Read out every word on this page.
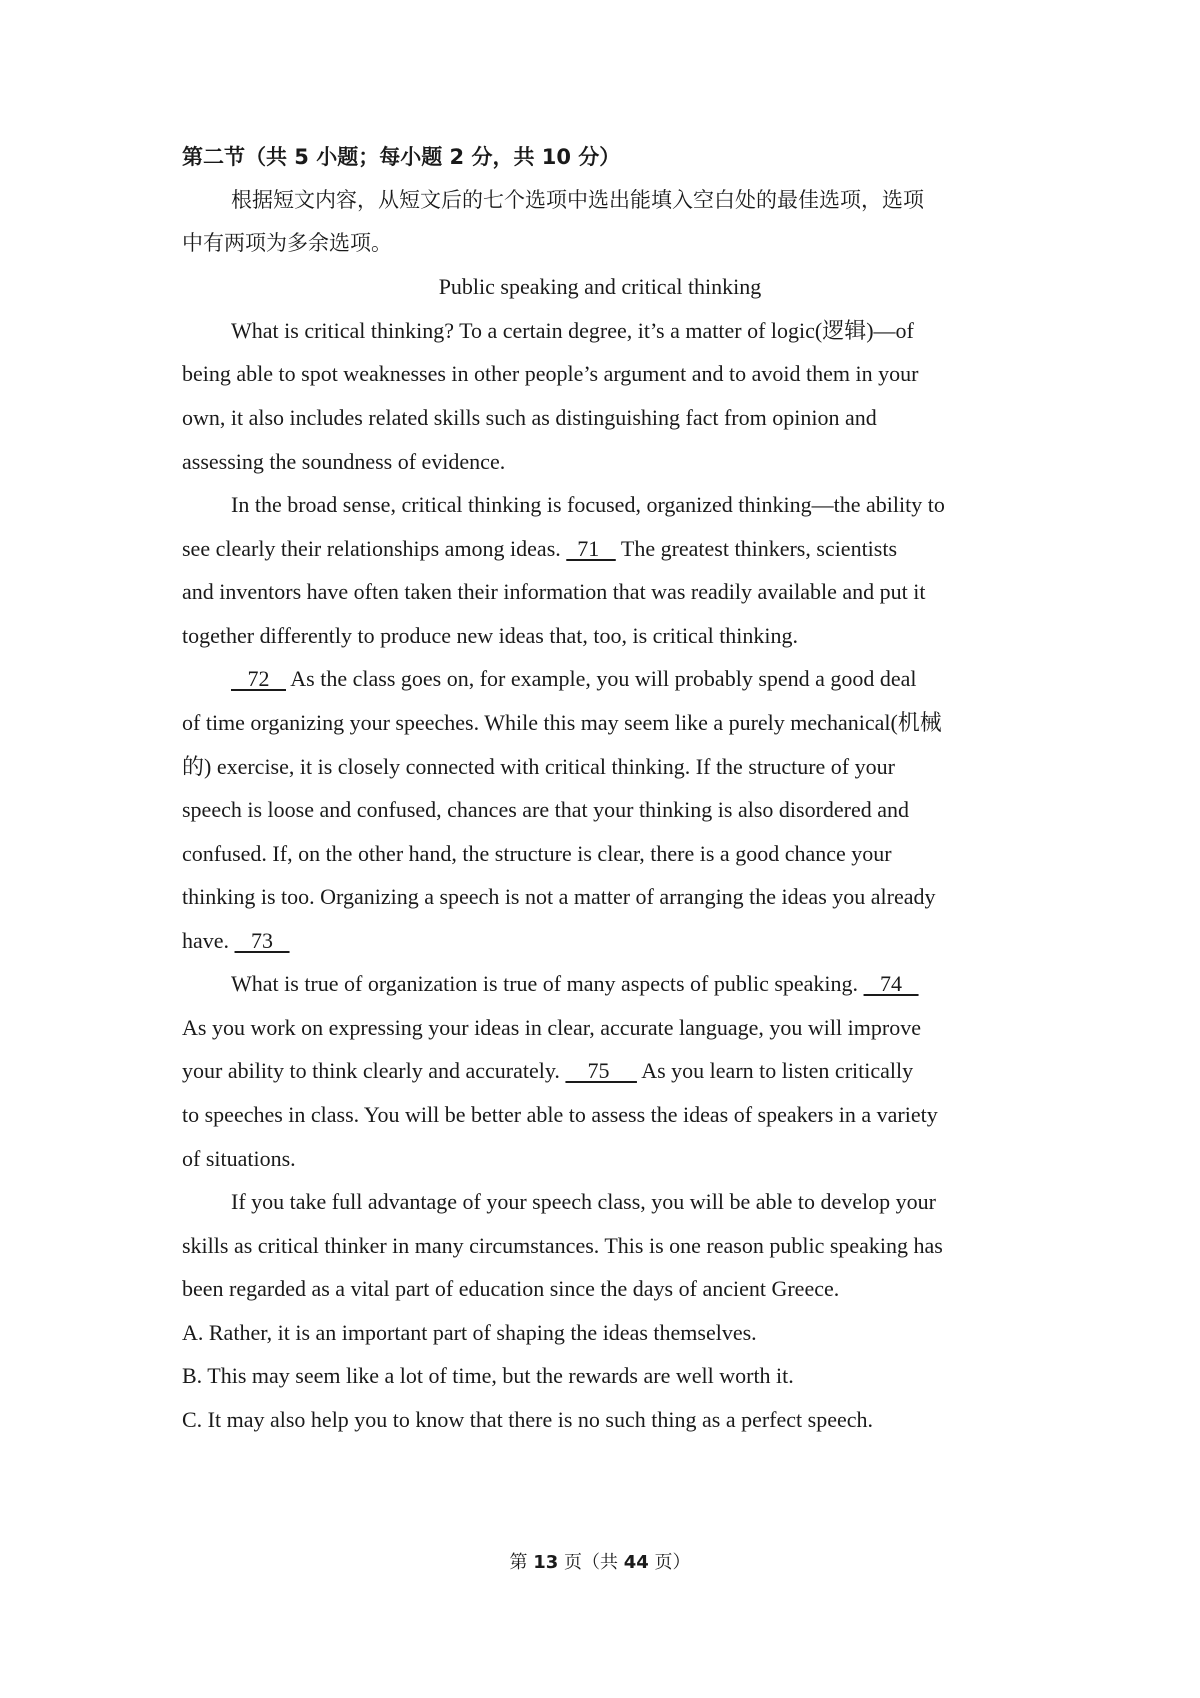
第二节（共 5 小题；每小题 2 分，共 10 分）
根据短文内容，从短文后的七个选项中选出能填入空白处的最佳选项，选项
中有两项为多余选项。
Public speaking and critical thinking
What is critical thinking? To a certain degree, it’s a matter of logic(逻辑)—of
being able to spot weaknesses in other people’s argument and to avoid them in your
own, it also includes related skills such as distinguishing fact from opinion and
assessing the soundness of evidence.
In the broad sense, critical thinking is focused, organized thinking—the ability to
see clearly their relationships among ideas.   71    The greatest thinkers, scientists
and inventors have often taken their information that was readily available and put it
together differently to produce new ideas that, too, is critical thinking.
72    As the class goes on, for example, you will probably spend a good deal
of time organizing your speeches. While this may seem like a purely mechanical(机械
的) exercise, it is closely connected with critical thinking. If the structure of your
speech is loose and confused, chances are that your thinking is also disordered and
confused. If, on the other hand, the structure is clear, there is a good chance your
thinking is too. Organizing a speech is not a matter of arranging the ideas you already
have.    73
What is true of organization is true of many aspects of public speaking.    74
As you work on expressing your ideas in clear, accurate language, you will improve
your ability to think clearly and accurately.     75      As you learn to listen critically
to speeches in class. You will be better able to assess the ideas of speakers in a variety
of situations.
If you take full advantage of your speech class, you will be able to develop your
skills as critical thinker in many circumstances. This is one reason public speaking has
been regarded as a vital part of education since the days of ancient Greece.
A. Rather, it is an important part of shaping the ideas themselves.
B. This may seem like a lot of time, but the rewards are well worth it.
C. It may also help you to know that there is no such thing as a perfect speech.
第 13 页（共 44 页）
